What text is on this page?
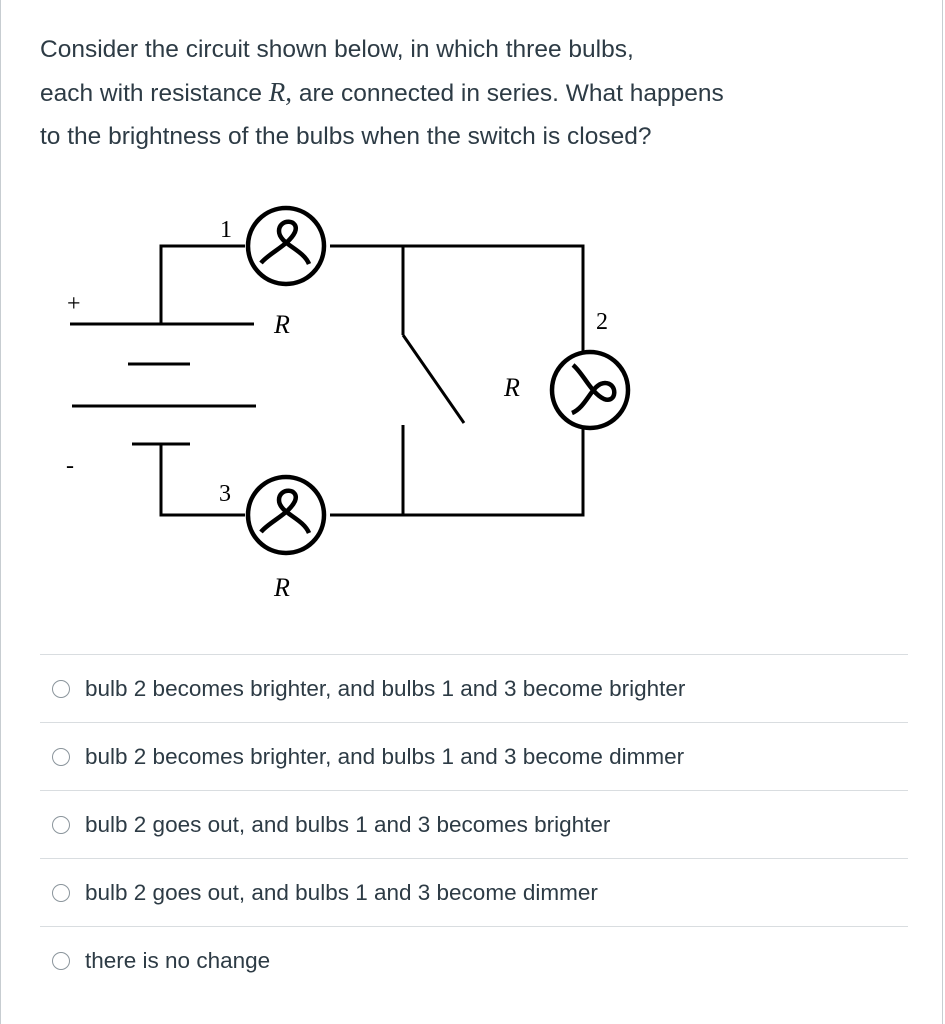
Consider the circuit shown below, in which three bulbs,
each with resistance R, are connected in series. What happens
to the brightness of the bulbs when the switch is closed?
1
2
3
R
R
R
+
-
bulb 2 becomes brighter, and bulbs 1 and 3 become brighter
bulb 2 becomes brighter, and bulbs 1 and 3 become dimmer
bulb 2 goes out, and bulbs 1 and 3 becomes brighter
bulb 2 goes out, and bulbs 1 and 3 become dimmer
there is no change
